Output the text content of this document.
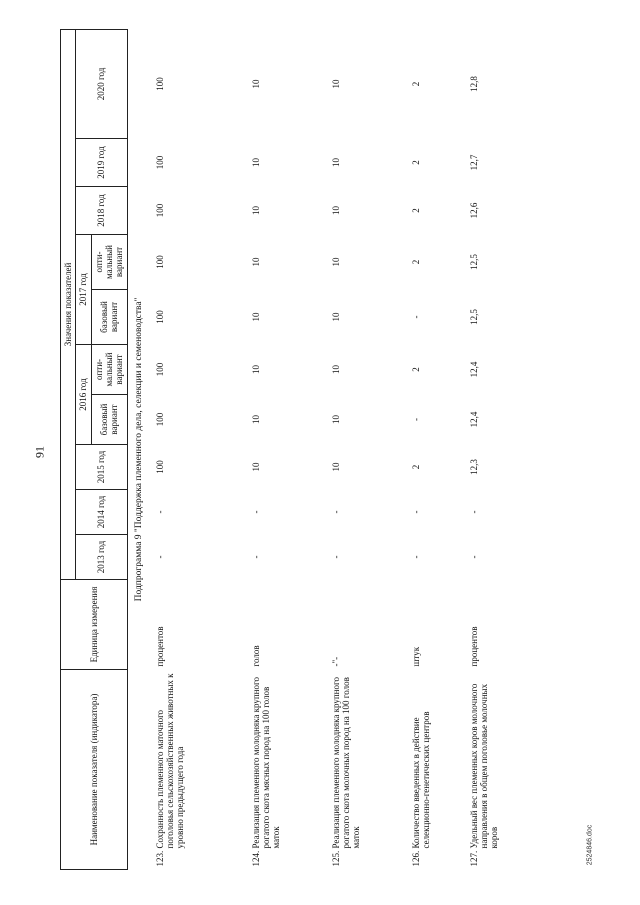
91
Наименование показателя (индикатора)	Единица измерения	Значения показателей									
		2013 год	2014 год	2015 год	2016 год		2017 год		2018 год	2019 год	2020 год
					базовый вариант	опти-мальный вариант	базовый вариант	опти-мальный вариант			
Подпрограмма 9 "Поддержка племенного дела, селекции и семеноводства"											

123.
Сохранность племенного маточного поголовья сельскохозяйственных животных к уровню предыдущего года	процентов	-	-	100	100	100	100	100	100	100	100

124.
Реализация племенного молодняка крупного рогатого скота мясных пород на 100 голов маток	голов	-	-	10	10	10	10	10	10	10	10

125.
Реализация племенного молодняка крупного рогатого скота молочных пород на 100 голов маток	-"-	-	-	10	10	10	10	10	10	10	10

126.
Количество введенных в действие селекционно-генетических центров	штук	-	-	2	-	2	-	2	2	2	2

127.
Удельный вес племенных коров молочного направления в общем поголовье молочных коров	процентов	-	-	12,3	12,4	12,4	12,5	12,5	12,6	12,7	12,8
2524846.doc
